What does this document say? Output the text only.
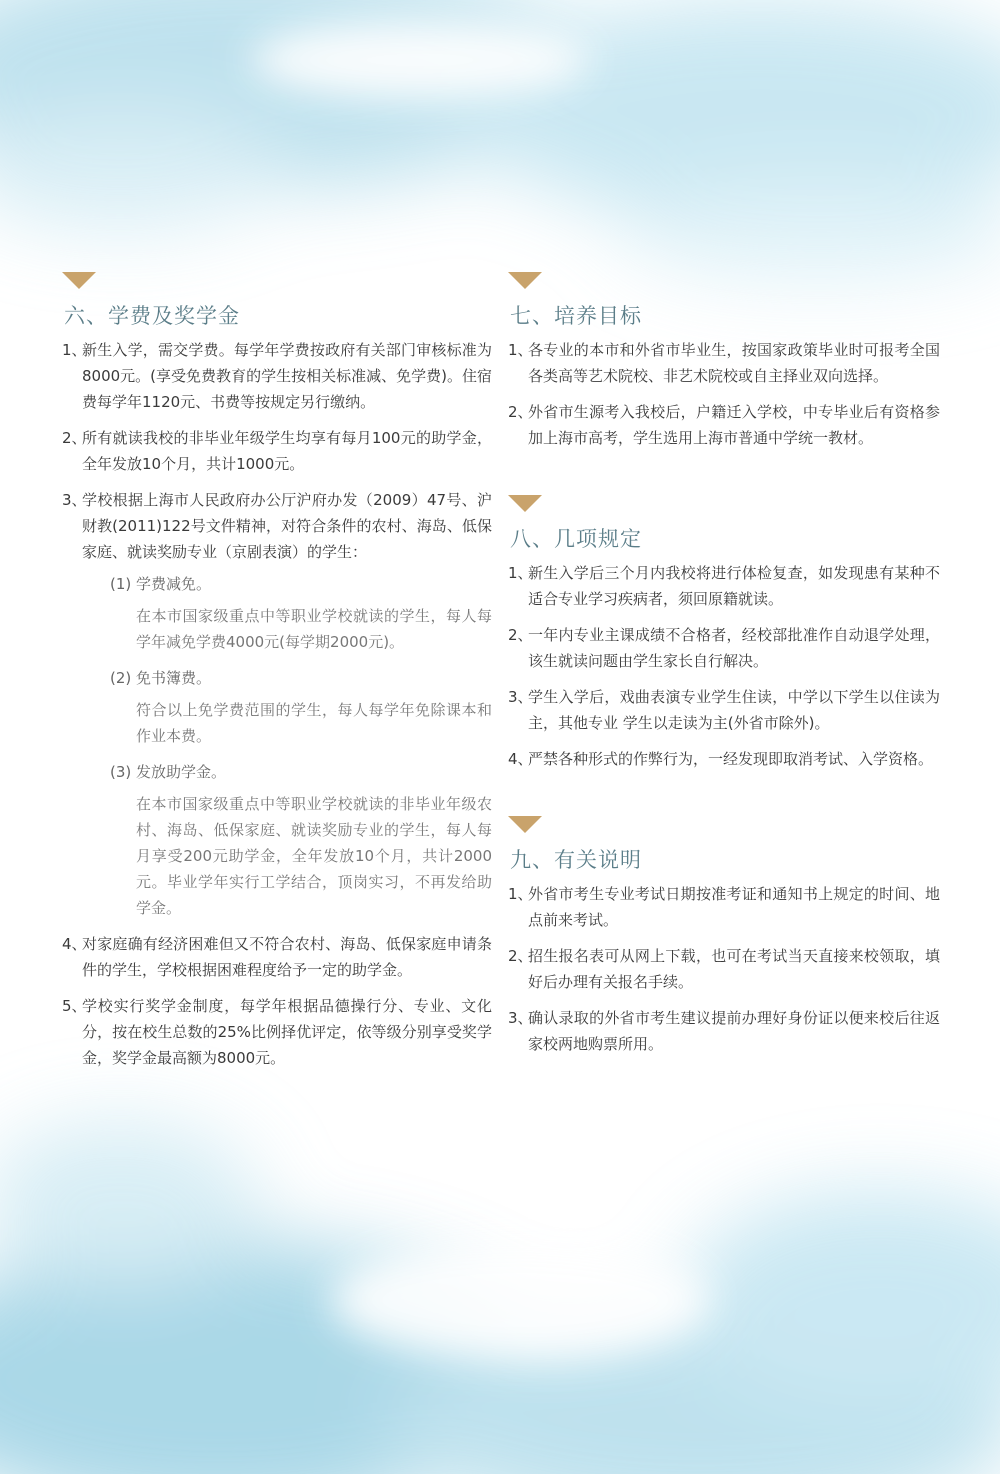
六、学费及奖学金
1、
新生入学，需交学费。每学年学费按政府有关部门审核标准为8000元。(享受免费教育的学生按相关标准减、免学费)。住宿费每学年1120元、书费等按规定另行缴纳。
2、
所有就读我校的非毕业年级学生均享有每月100元的助学金，全年发放10个月，共计1000元。
3、
学校根据上海市人民政府办公厅沪府办发（2009）47号、沪财教(2011)122号文件精神，对符合条件的农村、海岛、低保家庭、就读奖励专业（京剧表演）的学生：
(1) 学费减免。
在本市国家级重点中等职业学校就读的学生，每人每学年减免学费4000元(每学期2000元)。
(2) 免书簿费。
符合以上免学费范围的学生，每人每学年免除课本和作业本费。
(3) 发放助学金。
在本市国家级重点中等职业学校就读的非毕业年级农村、海岛、低保家庭、就读奖励专业的学生，每人每月享受200元助学金，全年发放10个月，共计2000元。毕业学年实行工学结合，顶岗实习，不再发给助学金。
4、
对家庭确有经济困难但又不符合农村、海岛、低保家庭申请条件的学生，学校根据困难程度给予一定的助学金。
5、
学校实行奖学金制度，每学年根据品德操行分、专业、文化分，按在校生总数的25%比例择优评定，依等级分别享受奖学金，奖学金最高额为8000元。
七、培养目标
1、
各专业的本市和外省市毕业生，按国家政策毕业时可报考全国各类高等艺术院校、非艺术院校或自主择业双向选择。
2、
外省市生源考入我校后，户籍迁入学校，中专毕业后有资格参加上海市高考，学生选用上海市普通中学统一教材。
八、几项规定
1、
新生入学后三个月内我校将进行体检复查，如发现患有某种不适合专业学习疾病者，须回原籍就读。
2、
一年内专业主课成绩不合格者，经校部批准作自动退学处理，该生就读问题由学生家长自行解决。
3、
学生入学后，戏曲表演专业学生住读，中学以下学生以住读为主，其他专业 学生以走读为主(外省市除外)。
4、
严禁各种形式的作弊行为，一经发现即取消考试、入学资格。
九、有关说明
1、
外省市考生专业考试日期按准考证和通知书上规定的时间、地点前来考试。
2、
招生报名表可从网上下载，也可在考试当天直接来校领取，填好后办理有关报名手续。
3、
确认录取的外省市考生建议提前办理好身份证以便来校后往返家校两地购票所用。
